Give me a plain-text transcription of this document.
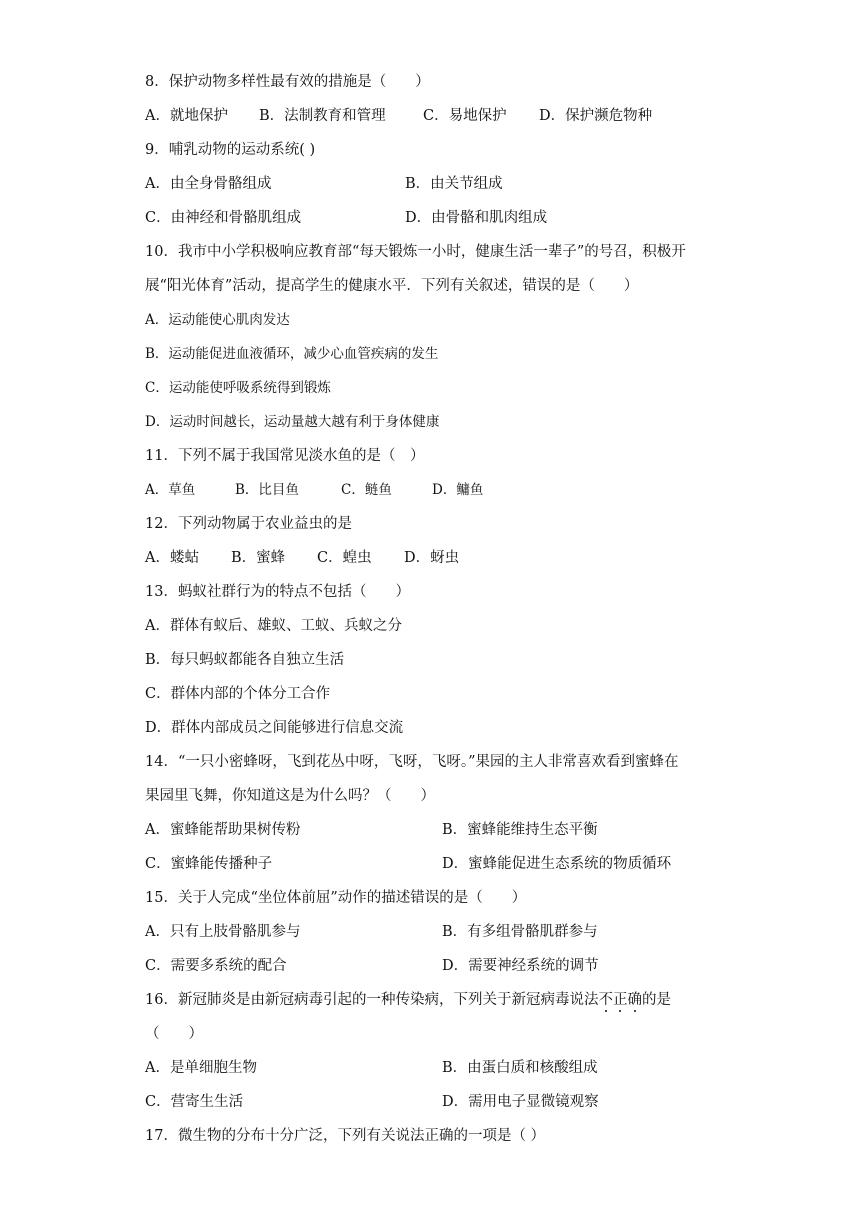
8．保护动物多样性最有效的措施是（　　）
A．就地保护 B．法制教育和管理	C．易地保护 D．保护濒危物种
9．哺乳动物的运动系统( )
A．由全身骨骼组成	B．由关节组成
C．由神经和骨骼肌组成	D．由骨骼和肌肉组成
10．我市中小学积极响应教育部“每天锻炼一小时，健康生活一辈子”的号召，积极开
展“阳光体育”活动，提高学生的健康水平．下列有关叙述，错误的是（　　）
A．运动能使心肌肉发达
B．运动能促进血液循环，减少心血管疾病的发生
C．运动能使呼吸系统得到锻炼
D．运动时间越长，运动量越大越有利于身体健康
11．下列不属于我国常见淡水鱼的是（　）
A．草鱼	B．比目鱼	C．鲢鱼	D．鳙鱼
12．下列动物属于农业益虫的是
A．蝼蛄 B．蜜蜂 C．蝗虫 D．蚜虫
13．蚂蚁社群行为的特点不包括（　　）
A．群体有蚁后、雄蚁、工蚁、兵蚁之分
B．每只蚂蚁都能各自独立生活
C．群体内部的个体分工合作
D．群体内部成员之间能够进行信息交流
14．“一只小密蜂呀，飞到花丛中呀，飞呀，飞呀。”果园的主人非常喜欢看到蜜蜂在
果园里飞舞，你知道这是为什么吗？（　　）
A．蜜蜂能帮助果树传粉	B．蜜蜂能维持生态平衡
C．蜜蜂能传播种子	D．蜜蜂能促进生态系统的物质循环
15．关于人完成“坐位体前屈”动作的描述错误的是（　　）
A．只有上肢骨骼肌参与	B．有多组骨骼肌群参与
C．需要多系统的配合	D．需要神经系统的调节
16．新冠肺炎是由新冠病毒引起的一种传染病，下列关于新冠病毒说法不正确的是
（　　）
A．是单细胞生物	B．由蛋白质和核酸组成
C．营寄生生活	D．需用电子显微镜观察
17．微生物的分布十分广泛，下列有关说法正确的一项是（ ）
